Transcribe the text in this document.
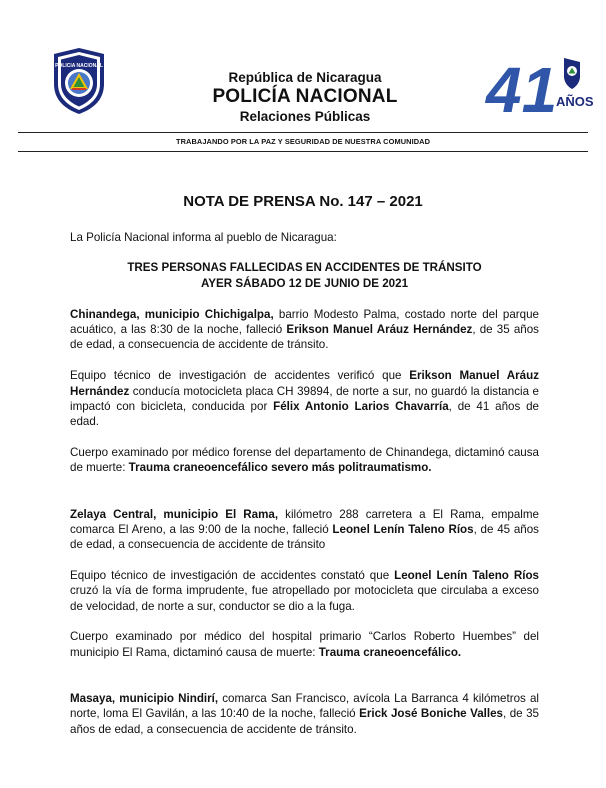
POLICIA NACIONAL
República de Nicaragua
POLICÍA NACIONAL
Relaciones Públicas	41
AÑOS
TRABAJANDO POR LA PAZ Y SEGURIDAD DE NUESTRA COMUNIDAD
NOTA DE PRENSA No. 147 – 2021

La Policía Nacional informa al pueblo de Nicaragua:

TRES PERSONAS FALLECIDAS EN ACCIDENTES DE TRÁNSITO
AYER SÁBADO 12 DE JUNIO DE 2021

Chinandega, municipio Chichigalpa, barrio Modesto Palma, costado norte del parque acuático, a las 8:30 de la noche, falleció Erikson Manuel Aráuz Hernández, de 35 años de edad, a consecuencia de accidente de tránsito.

Equipo técnico de investigación de accidentes verificó que Erikson Manuel Aráuz Hernández conducía motocicleta placa CH 39894, de norte a sur, no guardó la distancia e impactó con bicicleta, conducida por Félix Antonio Larios Chavarría, de 41 años de edad.

Cuerpo examinado por médico forense del departamento de Chinandega, dictaminó causa de muerte: Trauma craneoencefálico severo más politraumatismo.

Zelaya Central, municipio El Rama, kilómetro 288 carretera a El Rama, empalme comarca El Areno, a las 9:00 de la noche, falleció Leonel Lenín Taleno Ríos, de 45 años de edad, a consecuencia de accidente de tránsito

Equipo técnico de investigación de accidentes constató que Leonel Lenín Taleno Ríos cruzó la vía de forma imprudente, fue atropellado por motocicleta que circulaba a exceso de velocidad, de norte a sur, conductor se dio a la fuga.

Cuerpo examinado por médico del hospital primario “Carlos Roberto Huembes” del municipio El Rama, dictaminó causa de muerte: Trauma craneoencefálico.

Masaya, municipio Nindirí, comarca San Francisco, avícola La Barranca 4 kilómetros al norte, loma El Gavilán, a las 10:40 de la noche, falleció Erick José Boniche Valles, de 35 años de edad, a consecuencia de accidente de tránsito.
